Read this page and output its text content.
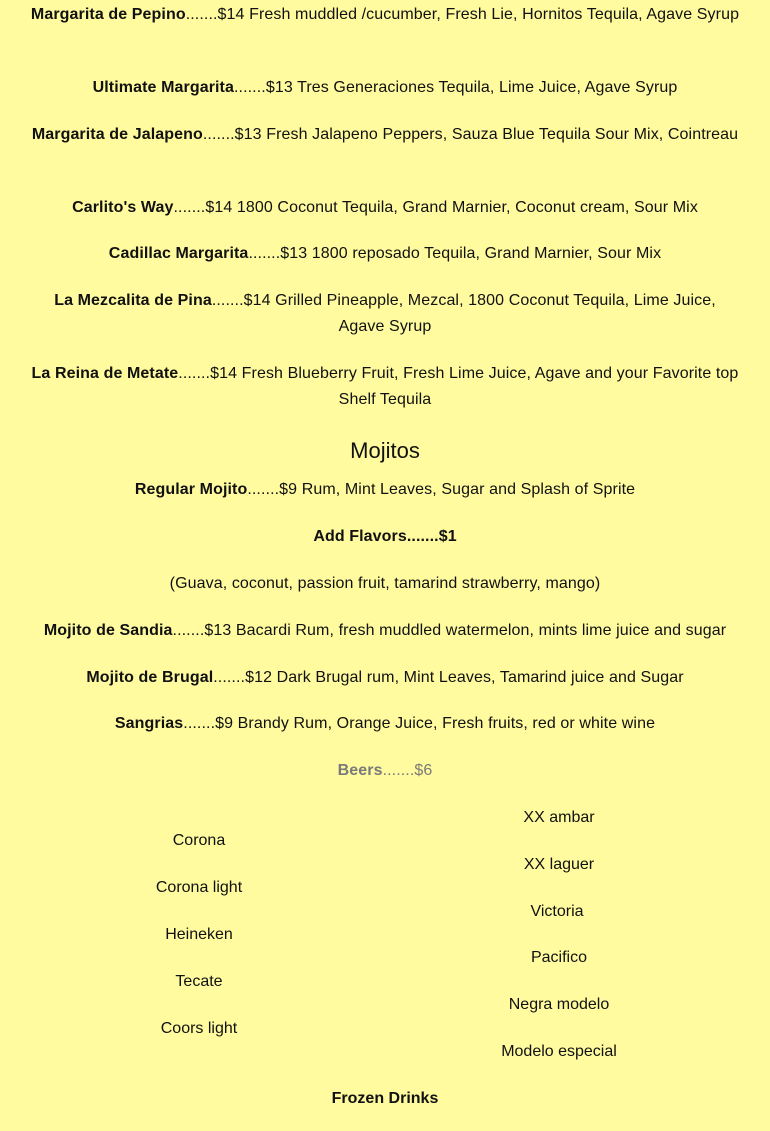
Margarita de Pepino.......$14 Fresh muddled /cucumber, Fresh Lie, Hornitos Tequila, Agave Syrup
Ultimate Margarita.......$13 Tres Generaciones Tequila, Lime Juice, Agave Syrup
Margarita de Jalapeno.......$13 Fresh Jalapeno Peppers, Sauza Blue Tequila Sour Mix, Cointreau
Carlito's Way.......$14 1800 Coconut Tequila, Grand Marnier, Coconut cream, Sour Mix
Cadillac Margarita.......$13 1800 reposado Tequila, Grand Marnier, Sour Mix
La Mezcalita de Pina.......$14 Grilled Pineapple, Mezcal, 1800 Coconut Tequila, Lime Juice, Agave Syrup
La Reina de Metate.......$14 Fresh Blueberry Fruit, Fresh Lime Juice, Agave and your Favorite top Shelf Tequila
Mojitos
Regular Mojito.......$9 Rum, Mint Leaves, Sugar and Splash of Sprite
Add Flavors.......$1
(Guava, coconut, passion fruit, tamarind strawberry, mango)
Mojito de Sandia.......$13 Bacardi Rum, fresh muddled watermelon, mints lime juice and sugar
Mojito de Brugal.......$12 Dark Brugal rum, Mint Leaves, Tamarind juice and Sugar
Sangrias.......$9 Brandy Rum, Orange Juice, Fresh fruits, red or white wine
Beers.......$6
Corona
Corona light
Heineken
Tecate
Coors light
XX ambar
XX laguer
Victoria
Pacifico
Negra modelo
Modelo especial
Frozen Drinks
